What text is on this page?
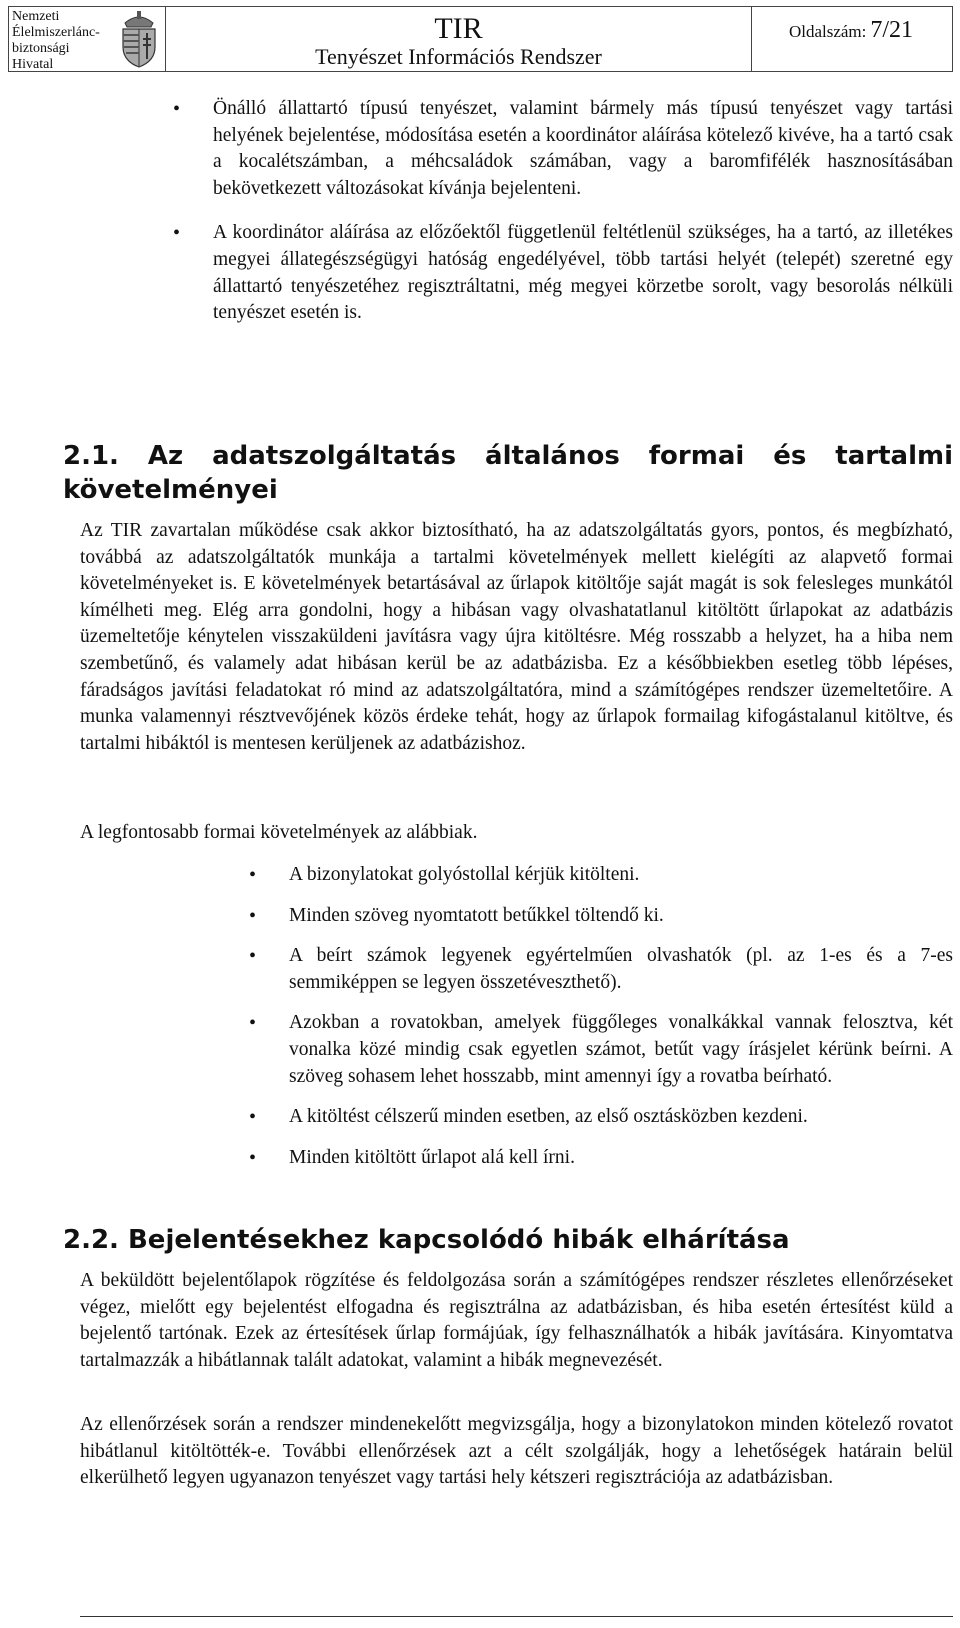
Nemzeti
Élelmiszerlánc-
biztonsági
Hivatal
TIR
Tenyészet Információs Rendszer
Oldalszám: 7/21
• Önálló állattartó típusú tenyészet, valamint bármely más típusú tenyészet vagy tartási helyének bejelentése, módosítása esetén a koordinátor aláírása kötelező kivéve, ha a tartó csak a kocalétszámban, a méhcsaládok számában, vagy a baromfifélék hasznosításában bekövetkezett változásokat kívánja bejelenteni.
• A koordinátor aláírása az előzőektől függetlenül feltétlenül szükséges, ha a tartó, az illetékes megyei állategészségügyi hatóság engedélyével, több tartási helyét (telepét) szeretné egy állattartó tenyészetéhez regisztráltatni, még megyei körzetbe sorolt, vagy besorolás nélküli tenyészet esetén is.
2.1. Az adatszolgáltatás általános formai és tartalmi
követelményei

Az TIR zavartalan működése csak akkor biztosítható, ha az adatszolgáltatás gyors, pontos, és megbízható, továbbá az adatszolgáltatók munkája a tartalmi követelmények mellett kielégíti az alapvető formai követelményeket is. E követelmények betartásával az űrlapok kitöltője saját magát is sok felesleges munkától kímélheti meg. Elég arra gondolni, hogy a hibásan vagy olvashatatlanul kitöltött űrlapokat az adatbázis üzemeltetője kénytelen visszaküldeni javításra vagy újra kitöltésre. Még rosszabb a helyzet, ha a hiba nem szembetűnő, és valamely adat hibásan kerül be az adatbázisba. Ez a későbbiekben esetleg több lépéses, fáradságos javítási feladatokat ró mind az adatszolgáltatóra, mind a számítógépes rendszer üzemeltetőire. A munka valamennyi résztvevőjének közös érdeke tehát, hogy az űrlapok formailag kifogástalanul kitöltve, és tartalmi hibáktól is mentesen kerüljenek az adatbázishoz.

A legfontosabb formai követelmények az alábbiak.

• A bizonylatokat golyóstollal kérjük kitölteni.
• Minden szöveg nyomtatott betűkkel töltendő ki.
• A beírt számok legyenek egyértelműen olvashatók (pl. az 1-es és a 7-es semmiképpen se legyen összetéveszthető).
• Azokban a rovatokban, amelyek függőleges vonalkákkal vannak felosztva, két vonalka közé mindig csak egyetlen számot, betűt vagy írásjelet kérünk beírni. A szöveg sohasem lehet hosszabb, mint amennyi így a rovatba beírható.
• A kitöltést célszerű minden esetben, az első osztásközben kezdeni.
• Minden kitöltött űrlapot alá kell írni.
2.2. Bejelentésekhez kapcsolódó hibák elhárítása

A beküldött bejelentőlapok rögzítése és feldolgozása során a számítógépes rendszer részletes ellenőrzéseket végez, mielőtt egy bejelentést elfogadna és regisztrálna az adatbázisban, és hiba esetén értesítést küld a bejelentő tartónak. Ezek az értesítések űrlap formájúak, így felhasználhatók a hibák javítására. Kinyomtatva tartalmazzák a hibátlannak talált adatokat, valamint a hibák megnevezését.

Az ellenőrzések során a rendszer mindenekelőtt megvizsgálja, hogy a bizonylatokon minden kötelező rovatot hibátlanul kitöltötték-e. További ellenőrzések azt a célt szolgálják, hogy a lehetőségek határain belül elkerülhető legyen ugyanazon tenyészet vagy tartási hely kétszeri regisztrációja az adatbázisban.
